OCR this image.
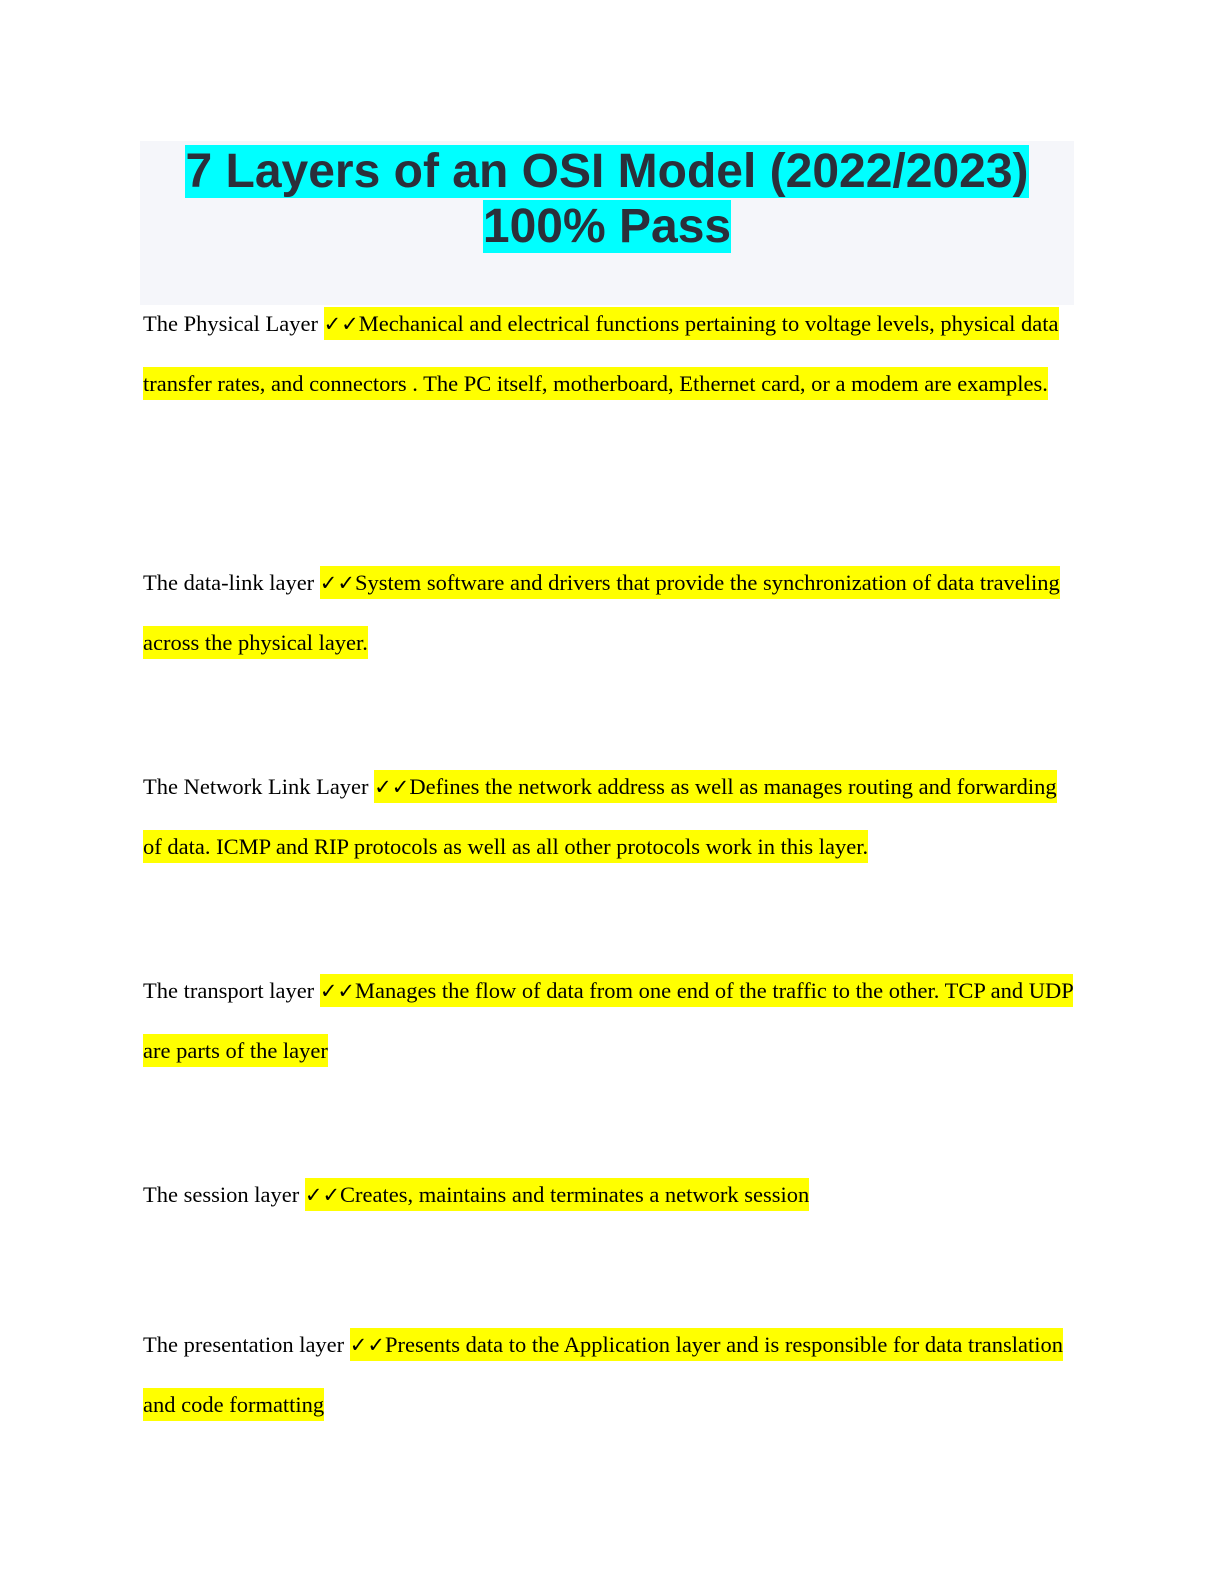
7 Layers of an OSI Model (2022/2023)
100% Pass

The Physical Layer ✓✓Mechanical and electrical functions pertaining to voltage levels, physical data transfer rates, and connectors . The PC itself, motherboard, Ethernet card, or a modem are examples.

The data-link layer ✓✓System software and drivers that provide the synchronization of data traveling across the physical layer.

The Network Link Layer ✓✓Defines the network address as well as manages routing and forwarding of data. ICMP and RIP protocols as well as all other protocols work in this layer.

The transport layer ✓✓Manages the flow of data from one end of the traffic to the other. TCP and UDP are parts of the layer

The session layer ✓✓Creates, maintains and terminates a network session

The presentation layer ✓✓Presents data to the Application layer and is responsible for data translation and code formatting
